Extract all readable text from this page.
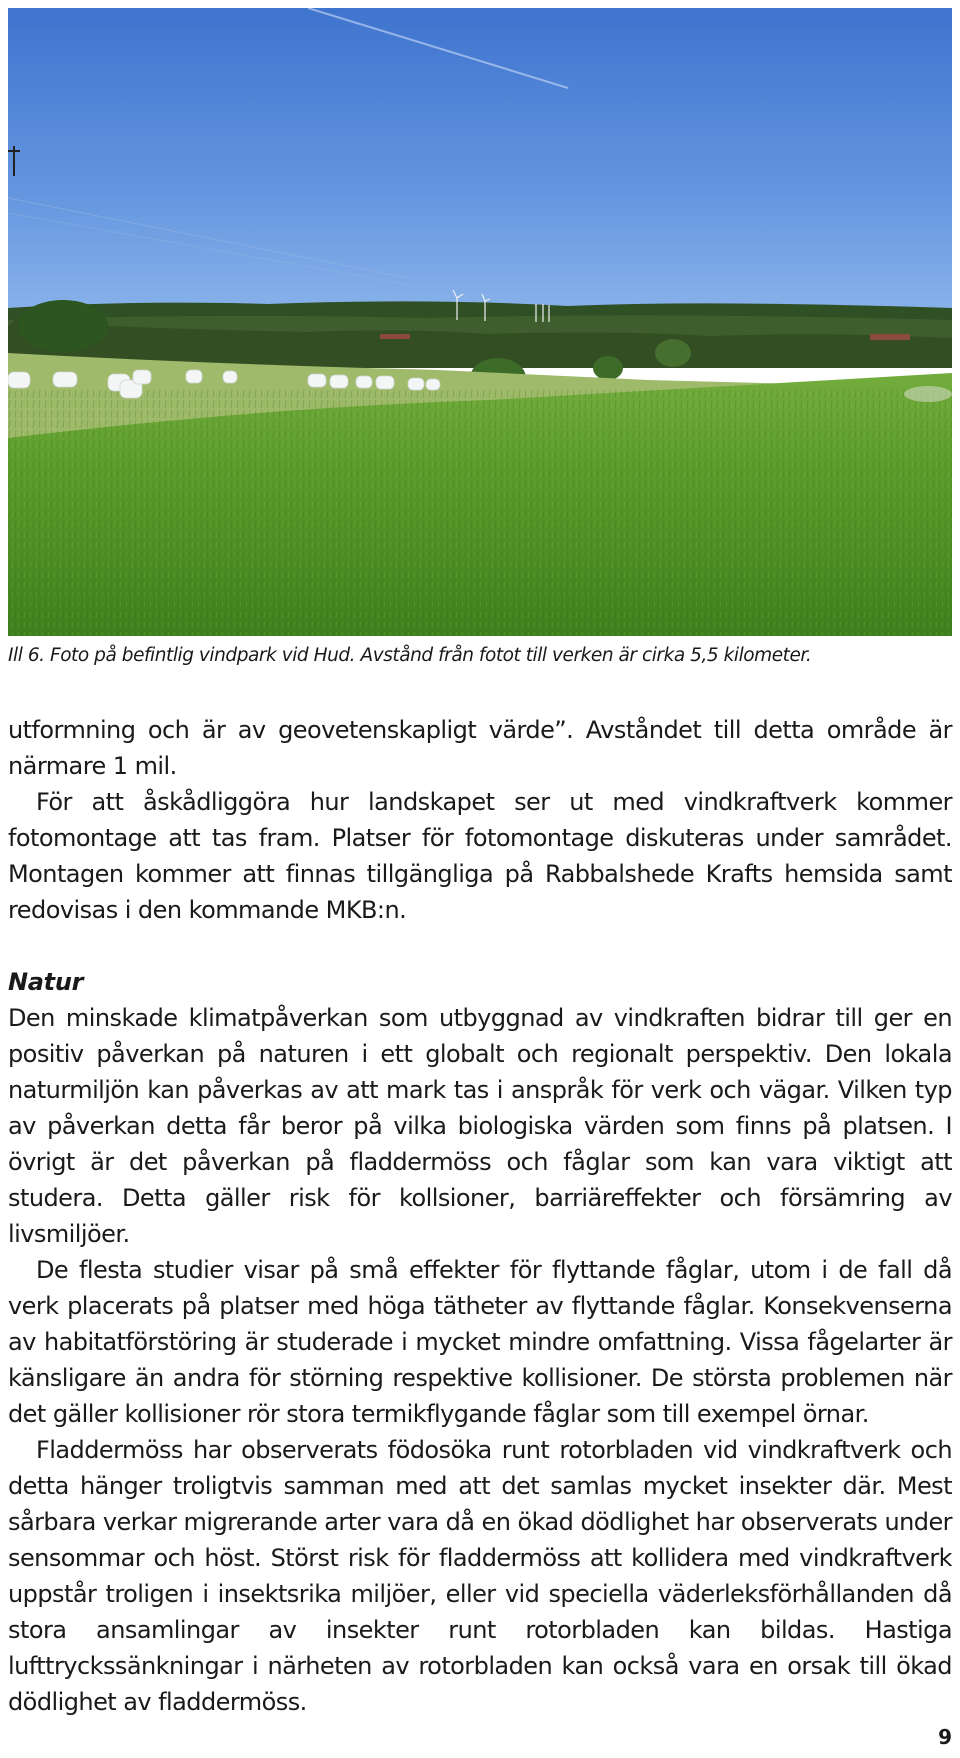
Ill 6. Foto på befintlig vindpark vid Hud. Avstånd från fotot till verken är cirka 5,5 kilometer.

utformning och är av geovetenskapligt värde”. Avståndet till detta område är närmare 1 mil.

För att åskådliggöra hur landskapet ser ut med vindkraftverk kommer fotomontage att tas fram. Platser för fotomontage diskuteras under samrådet. Montagen kommer att finnas tillgängliga på Rabbalshede Krafts hemsida samt redovisas i den kommande MKB:n.

Natur

Den minskade klimatpåverkan som utbyggnad av vindkraften bidrar till ger en positiv påverkan på naturen i ett globalt och regionalt perspektiv. Den lokala naturmiljön kan påverkas av att mark tas i anspråk för verk och vägar. Vilken typ av påverkan detta får beror på vilka biologiska värden som finns på platsen. I övrigt är det påverkan på fladdermöss och fåglar som kan vara viktigt att studera. Detta gäller risk för kollsioner, barriäreffekter och försämring av livsmiljöer.

De flesta studier visar på små effekter för flyttande fåglar, utom i de fall då verk placerats på platser med höga tätheter av flyttande fåglar. Konsekvenserna av habitatförstöring är studerade i mycket mindre omfattning. Vissa fågelarter är känsligare än andra för störning respektive kollisioner. De största problemen när det gäller kollisioner rör stora termikflygande fåglar som till exempel örnar.

Fladdermöss har observerats födosöka runt rotorbladen vid vindkraftverk och detta hänger troligtvis samman med att det samlas mycket insekter där. Mest sårbara verkar migrerande arter vara då en ökad dödlighet har observerats under sensommar och höst. Störst risk för fladdermöss att kollidera med vindkraftverk uppstår troligen i insektsrika miljöer, eller vid speciella väderleksförhållanden då stora ansamlingar av insekter runt rotorbladen kan bildas. Hastiga lufttryckssänkningar i närheten av rotorbladen kan också vara en orsak till ökad dödlighet av fladdermöss.

9
